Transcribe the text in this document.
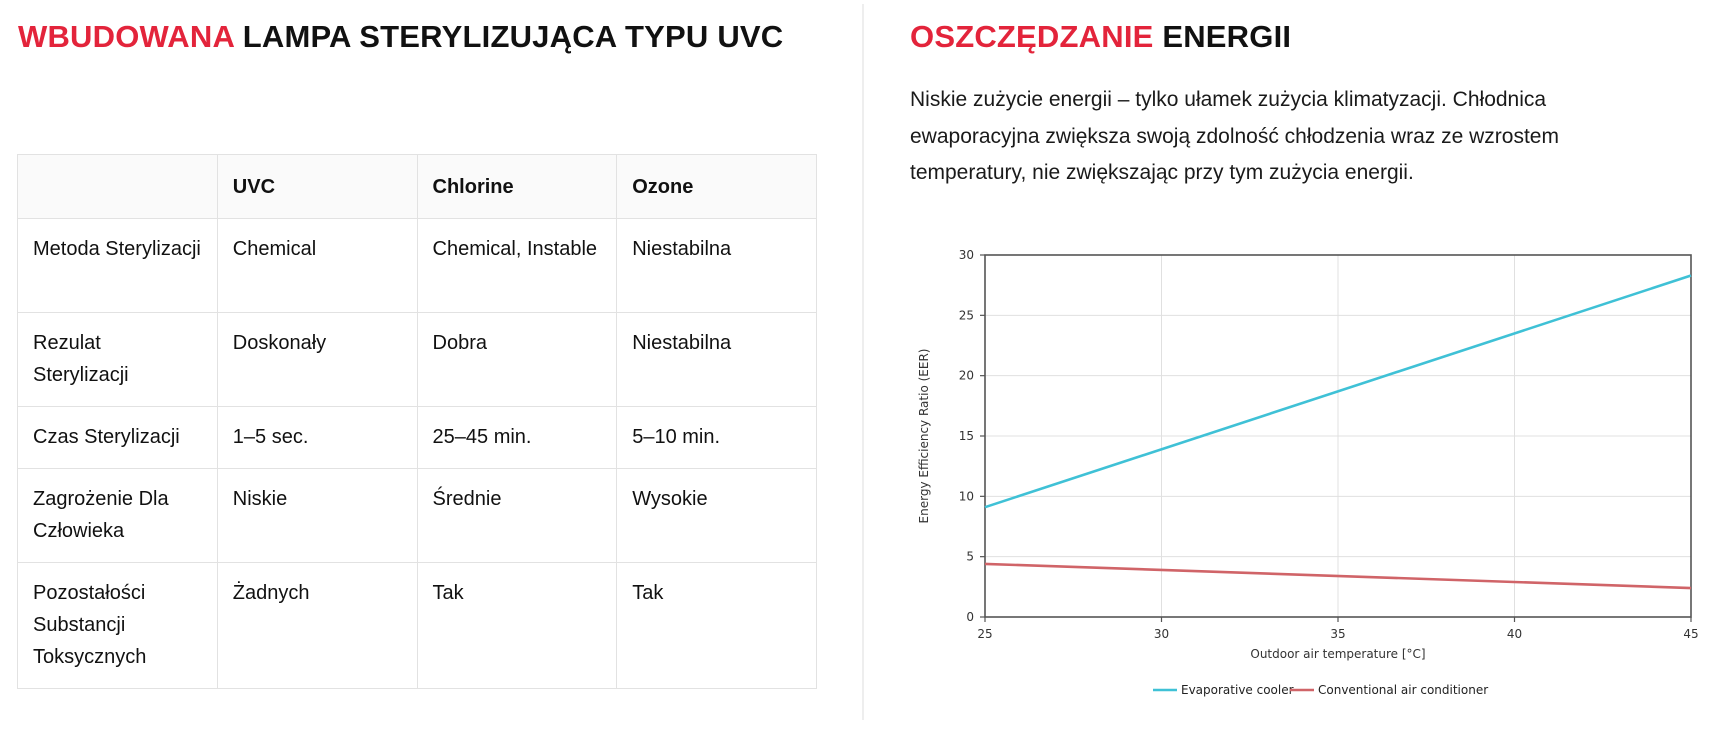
WBUDOWANA LAMPA STERYLIZUJĄCA TYPU UVC
	UVC	Chlorine	Ozone
Metoda Sterylizacji	Chemical	Chemical, Instable	Niestabilna
Rezulat Sterylizacji	Doskonały	Dobra	Niestabilna
Czas Sterylizacji	1–5 sec.	25–45 min.	5–10 min.
Zagrożenie Dla Człowieka	Niskie	Średnie	Wysokie
Pozostałości Substancji Toksycznych	Żadnych	Tak	Tak
OSZCZĘDZANIE ENERGII

Niskie zużycie energii – tylko ułamek zużycia klimatyzacji. Chłodnica ewaporacyjna zwiększa swoją zdolność chłodzenia wraz ze wzrostem temperatury, nie zwiększając przy tym zużycia energii.

25	30	35	40	45
0
5
10
15
20
25
30
Outdoor air temperature [°C]
Energy Efficiency Ratio (EER)
Evaporative cooler Conventional air conditioner
